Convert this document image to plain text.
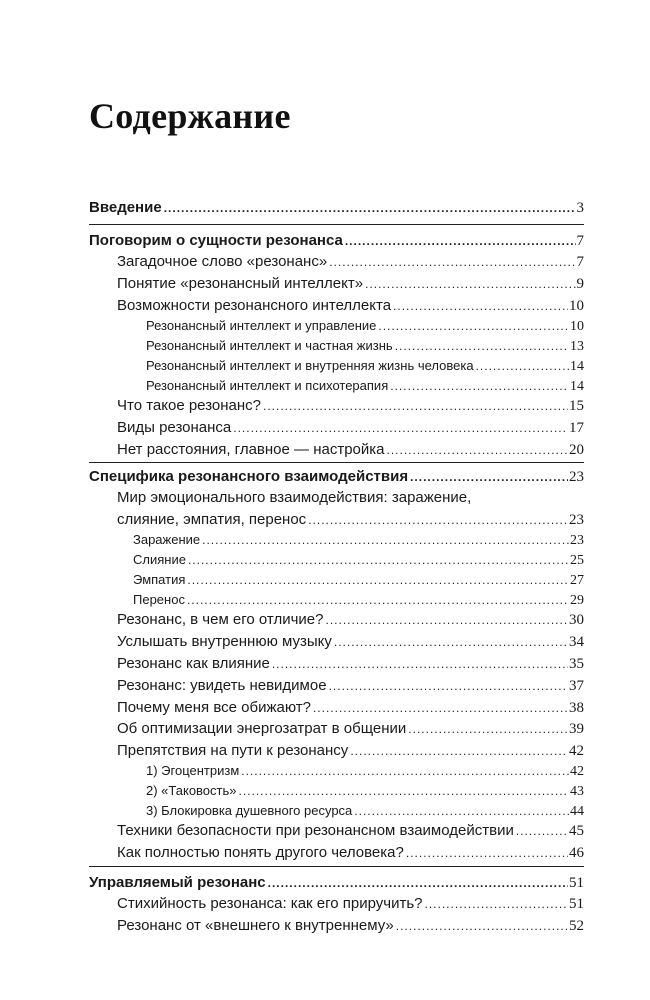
Содержание
Введение .....	3
Поговорим о сущности резонанса .....	7
Загадочное слово «резонанс» .....	7
Понятие «резонансный интеллект» .....	9
Возможности резонансного интеллекта .....	10
Резонансный интеллект и управление .....	10
Резонансный интеллект и частная жизнь .....	13
Резонансный интеллект и внутренняя жизнь человека .....	14
Резонансный интеллект и психотерапия .....	14
Что такое резонанс? .....	15
Виды резонанса .....	17
Нет расстояния, главное — настройка .....	20
Специфика резонансного взаимодействия .....	23
Мир эмоционального взаимодействия: заражение,
слияние, эмпатия, перенос .....	23
Заражение .....	23
Слияние .....	25
Эмпатия .....	27
Перенос .....	29
Резонанс, в чем его отличие? .....	30
Услышать внутреннюю музыку .....	34
Резонанс как влияние .....	35
Резонанс: увидеть невидимое .....	37
Почему меня все обижают? .....	38
Об оптимизации энергозатрат в общении .....	39
Препятствия на пути к резонансу .....	42
1) Эгоцентризм .....	42
2) «Таковость» .....	43
3) Блокировка душевного ресурса .....	44
Техники безопасности при резонансном взаимодействии .....	45
Как полностью понять другого человека? .....	46
Управляемый резонанс .....	51
Стихийность резонанса: как его приручить? .....	51
Резонанс от «внешнего к внутреннему» .....	52
